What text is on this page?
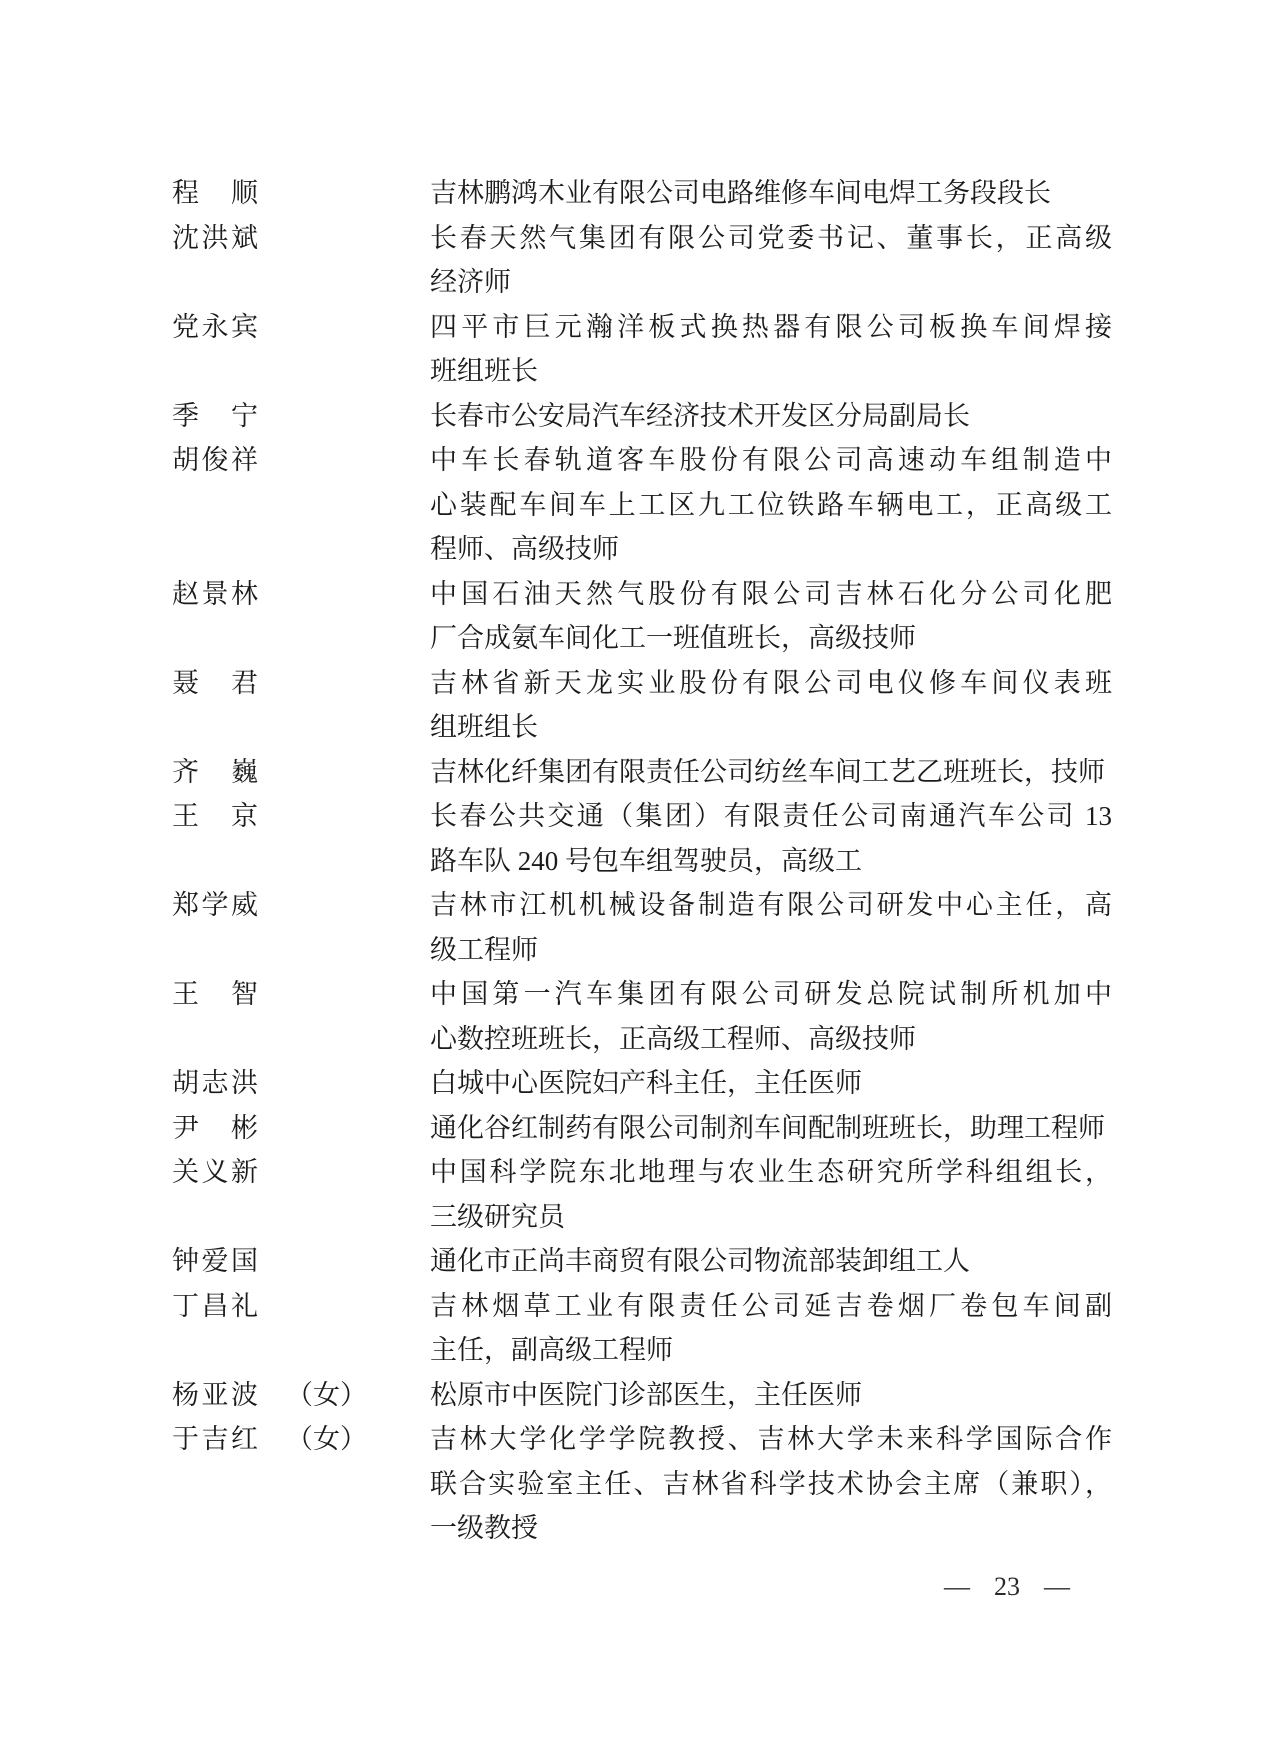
程顺	吉林鹏鸿木业有限公司电路维修车间电焊工务段段长
沈洪斌	长春天然气集团有限公司党委书记、董事长，正高级
经济师
党永宾	四平市巨元瀚洋板式换热器有限公司板换车间焊接
班组班长
季宁	长春市公安局汽车经济技术开发区分局副局长
胡俊祥	中车长春轨道客车股份有限公司高速动车组制造中
心装配车间车上工区九工位铁路车辆电工，正高级工
程师、高级技师
赵景林	中国石油天然气股份有限公司吉林石化分公司化肥
厂合成氨车间化工一班值班长，高级技师
聂君	吉林省新天龙实业股份有限公司电仪修车间仪表班
组班组长
齐巍	吉林化纤集团有限责任公司纺丝车间工艺乙班班长，技师
王京	长春公共交通（集团）有限责任公司南通汽车公司 13
路车队 240 号包车组驾驶员，高级工
郑学威	吉林市江机机械设备制造有限公司研发中心主任，高
级工程师
王智	中国第一汽车集团有限公司研发总院试制所机加中
心数控班班长，正高级工程师、高级技师
胡志洪	白城中心医院妇产科主任，主任医师
尹彬	通化谷红制药有限公司制剂车间配制班班长，助理工程师
关义新	中国科学院东北地理与农业生态研究所学科组组长，
三级研究员
钟爱国	通化市正尚丰商贸有限公司物流部装卸组工人
丁昌礼	吉林烟草工业有限责任公司延吉卷烟厂卷包车间副
主任，副高级工程师
杨亚波	（女）	松原市中医院门诊部医生，主任医师
于吉红	（女）	吉林大学化学学院教授、吉林大学未来科学国际合作
联合实验室主任、吉林省科学技术协会主席（兼职），
一级教授
— 23 —
